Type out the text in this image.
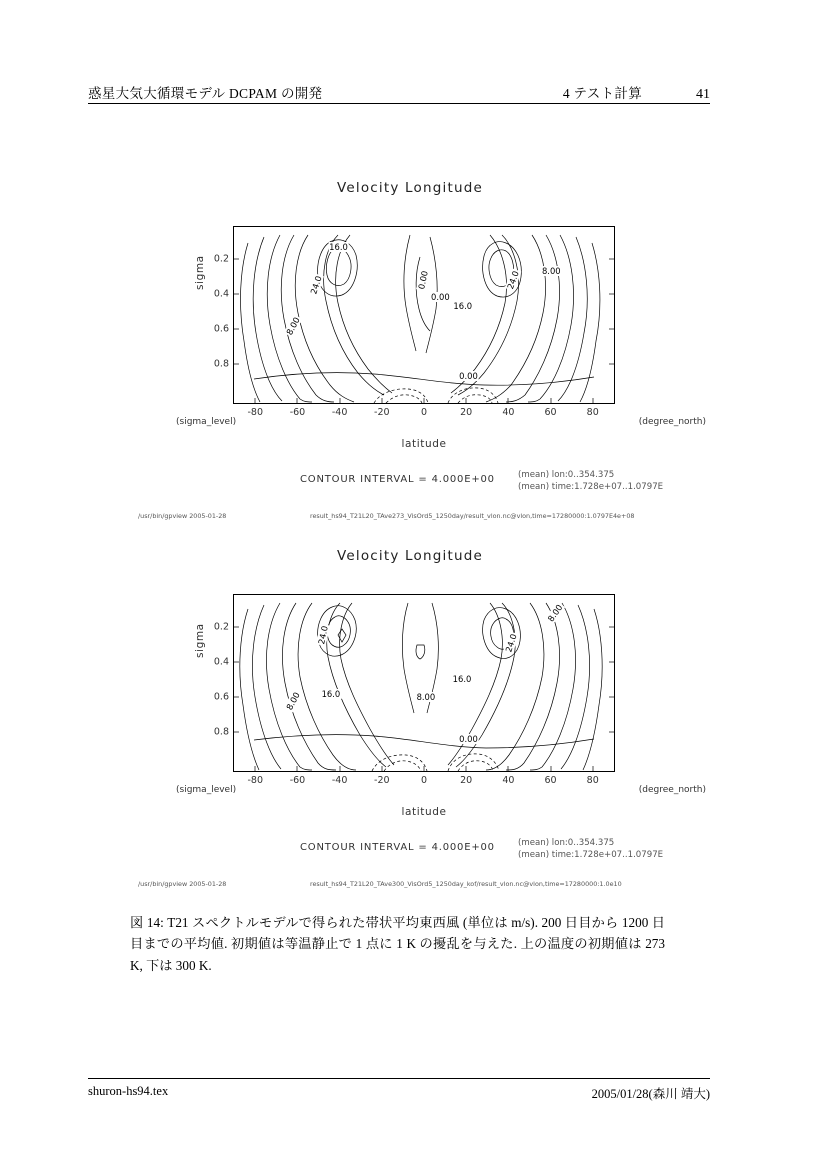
惑星大気大循環モデル DCPAM の開発	4 テスト計算	41
Velocity Longitude
sigma 0.2
0.4
0.6
0.8
-80	-60	-40	-20	0	20	40	60	80
16.0
24.0
8.00
0.00
0.00
16.0
24.0 8.00
0.00
(sigma_level)	(degree_north)
latitude
CONTOUR INTERVAL = 4.000E+00	(mean) lon:0..354.375
(mean) time:1.728e+07..1.0797E
/usr/bin/gpview 2005-01-28	result_hs94_T21L20_TAve273_VisOrd5_1250day/result_vlon.nc@vlon,time=17280000:1.0797E4e+08
Velocity Longitude
sigma 0.2
0.4
0.6
0.8
-80	-60	-40	-20	0	20	40	60	80
24.0
16.0
8.00	8.00
16.0
24.0
8.00
0.00
(sigma_level)	(degree_north)
latitude
CONTOUR INTERVAL = 4.000E+00	(mean) lon:0..354.375
(mean) time:1.728e+07..1.0797E
/usr/bin/gpview 2005-01-28	result_hs94_T21L20_TAve300_VisOrd5_1250day_kof/result_vlon.nc@vlon,time=17280000:1.0e10
図 14: T21 スペクトルモデルで得られた帯状平均東西風 (単位は m/s). 200 日目から 1200 日目までの平均値. 初期値は等温静止で 1 点に 1 K の擾乱を与えた. 上の温度の初期値は 273 K, 下は 300 K.
shuron-hs94.tex	2005/01/28(森川 靖大)
